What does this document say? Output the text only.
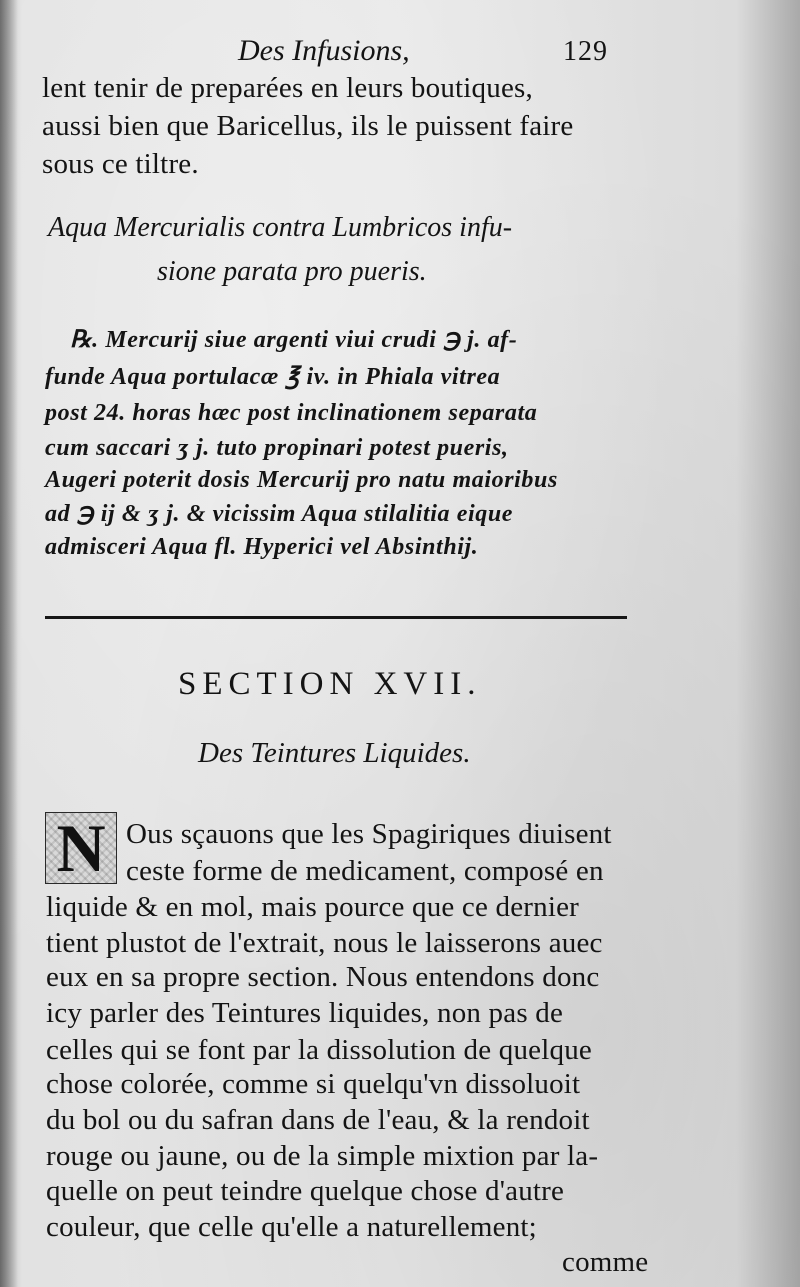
Des Infusions,	129
lent tenir de preparées en leurs boutiques,
aussi bien que Baricellus, ils le puissent faire
sous ce tiltre.
Aqua Mercurialis contra Lumbricos infu-
sione parata pro pueris.
℞. Mercurij siue argenti viui crudi ℈ j. af-
funde Aqua portulacæ ℥ iv. in Phiala vitrea
post 24. horas hæc post inclinationem separata
cum saccari ʒ j. tuto propinari potest pueris,
Augeri poterit dosis Mercurij pro natu maioribus
ad ℈ ij & ʒ j. & vicissim Aqua stilalitia eique
admisceri Aqua fl. Hyperici vel Absinthij.
SECTION XVII.
Des Teintures Liquides.
N Ous sçauons que les Spagiriques diuisent
ceste forme de medicament, composé en
liquide & en mol, mais pource que ce dernier
tient plustot de l'extrait, nous le laisserons auec
eux en sa propre section. Nous entendons donc
icy parler des Teintures liquides, non pas de
celles qui se font par la dissolution de quelque
chose colorée, comme si quelqu'vn dissoluoit
du bol ou du safran dans de l'eau, & la rendoit
rouge ou jaune, ou de la simple mixtion par la-
quelle on peut teindre quelque chose d'autre
couleur, que celle qu'elle a naturellement;
comme
